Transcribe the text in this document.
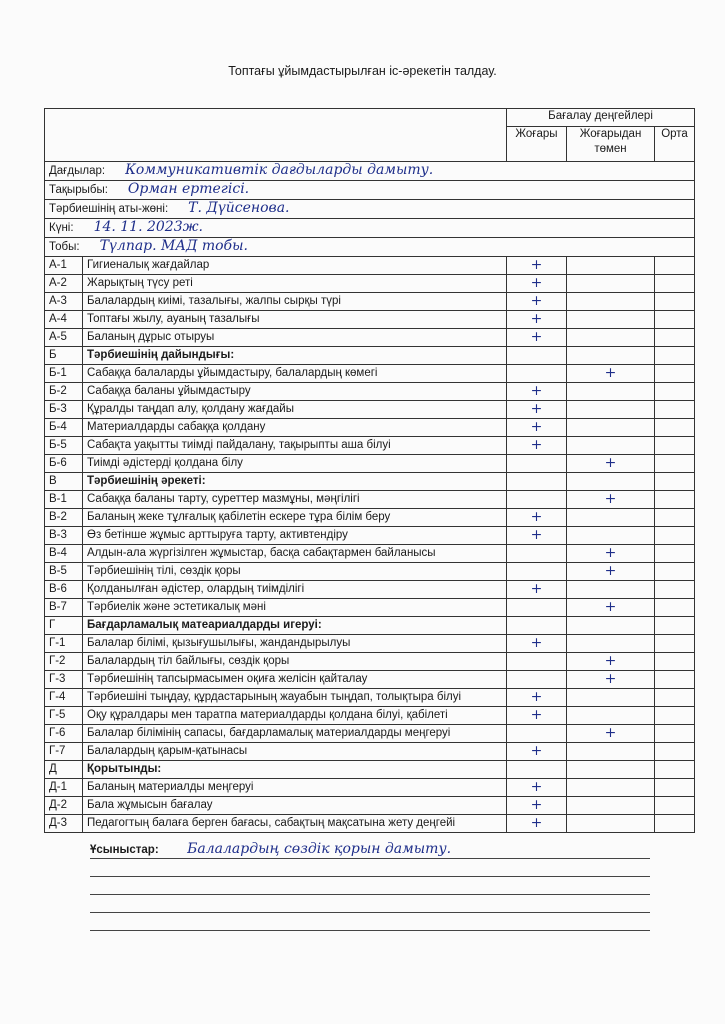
Топтағы ұйымдастырылған іс-әрекетін талдау.
		Бағалау деңгейлері		
		Жоғары	Жоғарыдан төмен	Орта
Дағдылар: Коммуникативтік дағдыларды дамыту.				
Тақырыбы: Орман ертегісі.				
Тәрбиешінің аты-жөні: Т. Дүйсенова.				
Күні: 14. 11. 2023ж.				
Тобы: Түлпар. МАД тобы.				
А-1	Гигиеналық жағдайлар	+		
А-2	Жарықтың түсу реті	+		
А-3	Балалардың киімі, тазалығы, жалпы сырқы түрі	+		
А-4	Топтағы жылу, ауаның тазалығы	+		
А-5	Баланың дұрыс отыруы	+		
Б	Тәрбиешінің дайындығы:			
Б-1	Сабаққа балаларды ұйымдастыру, балалардың көмегі		+	
Б-2	Сабаққа баланы ұйымдастыру	+		
Б-3	Құралды таңдап алу, қолдану жағдайы	+		
Б-4	Материалдарды сабаққа қолдану	+		
Б-5	Сабақта уақытты тиімді пайдалану, тақырыпты аша білуі	+		
Б-6	Тиімді әдістерді қолдана білу		+	
В	Тәрбиешінің әрекеті:			
В-1	Сабаққа баланы тарту, суреттер мазмұны, мәңгілігі		+	
В-2	Баланың жеке тұлғалық қабілетін ескере тұра білім беру	+		
В-3	Өз бетінше жұмыс арттыруға тарту, активтендіру	+		
В-4	Алдын-ала жүргізілген жұмыстар, басқа сабақтармен байланысы		+	
В-5	Тәрбиешінің тілі, сөздік қоры		+	
В-6	Қолданылған әдістер, олардың тиімділігі	+		
В-7	Тәрбиелік және эстетикалық мәні		+	
Г	Бағдарламалық матеариалдарды игеруі:			
Г-1	Балалар білімі, қызығушылығы, жандандырылуы	+		
Г-2	Балалардың тіл байлығы, сөздік қоры		+	
Г-3	Тәрбиешінің тапсырмасымен оқиға желісін қайталау		+	
Г-4	Тәрбиешіні тыңдау, құрдастарының жауабын тыңдап, толықтыра білуі	+		
Г-5	Оқу құралдары мен таратпа материалдарды қолдана білуі, қабілеті	+		
Г-6	Балалар білімінің сапасы, бағдарламалық материалдарды меңгеруі		+	
Г-7	Балалардың қарым-қатынасы	+		
Д	Қорытынды:			
Д-1	Баланың материалды меңгеруі	+		
Д-2	Бала жұмысын бағалау	+		
Д-3	Педагогтың балаға берген бағасы, сабақтың мақсатына жету деңгейі	+		
Ұсыныстар: Балалардың сөздік қорын дамыту.
